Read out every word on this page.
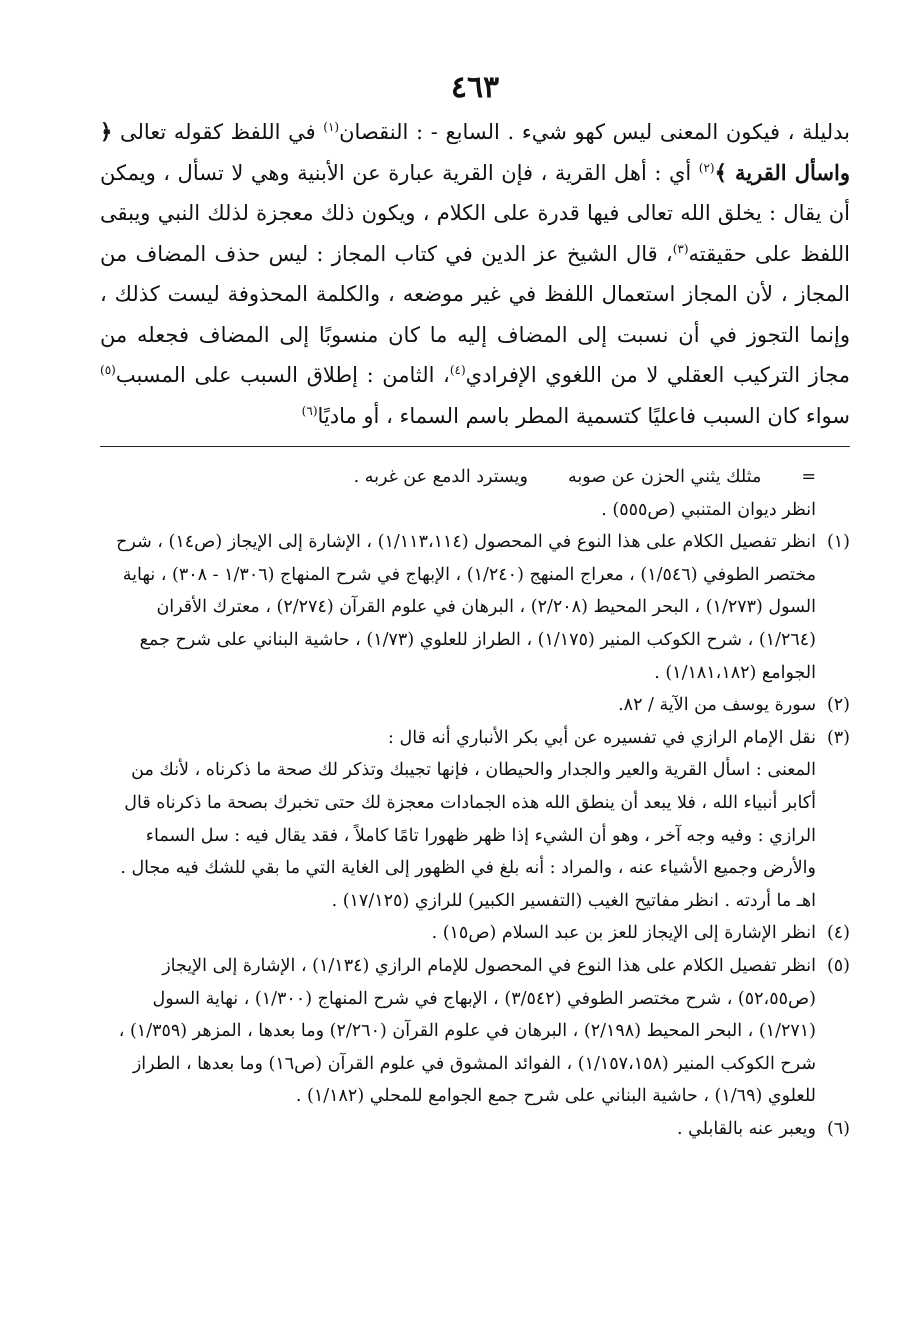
٤٦٣

بدليلة ، فيكون المعنى ليس كهو شيء . السابع - : النقصان$^{(١)}$ في اللفظ كقوله تعالى ﴿ واسأل القرية ﴾$^{(٢)}$ أي : أهل القرية ، فإن القرية عبارة عن الأبنية وهي لا تسأل ، ويمكن أن يقال : يخلق الله تعالى فيها قدرة على الكلام ، ويكون ذلك معجزة لذلك النبي ويبقى اللفظ على حقيقته$^{(٣)}$، قال الشيخ عز الدين في كتاب المجاز : ليس حذف المضاف من المجاز ، لأن المجاز استعمال اللفظ في غير موضعه ، والكلمة المحذوفة ليست كذلك ، وإنما التجوز في أن نسبت إلى المضاف إليه ما كان منسوبًا إلى المضاف فجعله من مجاز التركيب العقلي لا من اللغوي الإفرادي$^{(٤)}$، الثامن : إطلاق السبب على المسبب$^{(٥)}$ سواء كان السبب فاعليًا كتسمية المطر باسم السماء ، أو ماديًا$^{(٦)}$

=
مثلك يثني الحزن عن صوبه
ويسترد الدمع عن غربه .

انظر ديوان المتنبي (ص٥٥٥) .

(١)
انظر تفصيل الكلام على هذا النوع في المحصول (١/١١٣،١١٤) ، الإشارة إلى الإيجاز (ص١٤) ، شرح مختصر الطوفي (١/٥٤٦) ، معراج المنهج (١/٢٤٠) ، الإبهاج في شرح المنهاج (١/٣٠٦ - ٣٠٨) ، نهاية السول (١/٢٧٣) ، البحر المحيط (٢/٢٠٨) ، البرهان في علوم القرآن (٢/٢٧٤) ، معترك الأقران (١/٢٦٤) ، شرح الكوكب المنير (١/١٧٥) ، الطراز للعلوي (١/٧٣) ، حاشية البناني على شرح جمع الجوامع (١/١٨١،١٨٢) .
(٢)
سورة يوسف من الآية / ٨٢.
(٣)
نقل الإمام الرازي في تفسيره عن أبي بكر الأنباري أنه قال :

المعنى : اسأل القرية والعير والجدار والحيطان ، فإنها تجيبك وتذكر لك صحة ما ذكرناه ، لأنك من أكابر أنبياء الله ، فلا يبعد أن ينطق الله هذه الجمادات معجزة لك حتى تخبرك بصحة ما ذكرناه قال الرازي : وفيه وجه آخر ، وهو أن الشيء إذا ظهر ظهورا تامًا كاملاً ، فقد يقال فيه : سل السماء والأرض وجميع الأشياء عنه ، والمراد : أنه بلغ في الظهور إلى الغاية التي ما بقي للشك فيه مجال . اهـ ما أردته . انظر مفاتيح الغيب (التفسير الكبير) للرازي (١٧/١٢٥) .

(٤)
انظر الإشارة إلى الإيجاز للعز بن عبد السلام (ص١٥) .
(٥)
انظر تفصيل الكلام على هذا النوع في المحصول للإمام الرازي (١/١٣٤) ، الإشارة إلى الإيجاز (ص٥٢،٥٥) ، شرح مختصر الطوفي (٣/٥٤٢) ، الإبهاج في شرح المنهاج (١/٣٠٠) ، نهاية السول (١/٢٧١) ، البحر المحيط (٢/١٩٨) ، البرهان في علوم القرآن (٢/٢٦٠) وما بعدها ، المزهر (١/٣٥٩) ، شرح الكوكب المنير (١/١٥٧،١٥٨) ، الفوائد المشوق في علوم القرآن (ص١٦) وما بعدها ، الطراز للعلوي (١/٦٩) ، حاشية البناني على شرح جمع الجوامع للمحلي (١/١٨٢) .
(٦)
ويعبر عنه بالقابلي .
